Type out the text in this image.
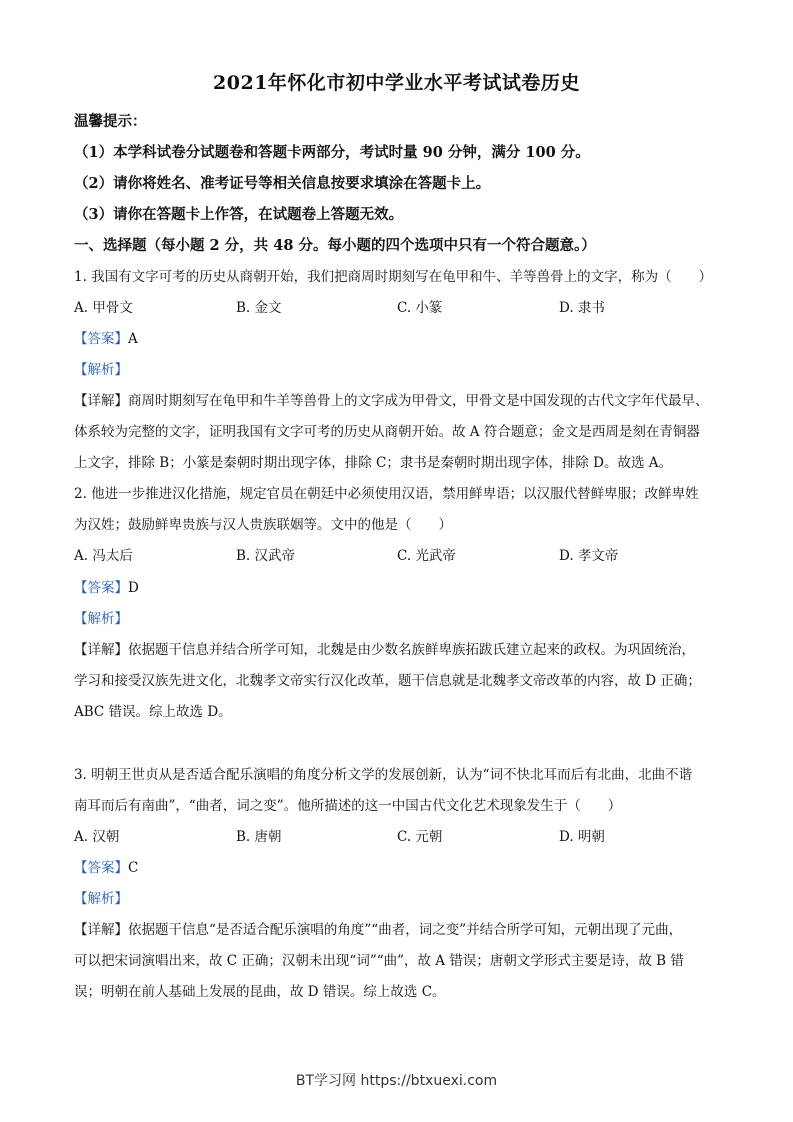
2021年怀化市初中学业水平考试试卷历史
温馨提示：
（1）本学科试卷分试题卷和答题卡两部分，考试时量 90 分钟，满分 100 分。
（2）请你将姓名、准考证号等相关信息按要求填涂在答题卡上。
（3）请你在答题卡上作答，在试题卷上答题无效。
一、选择题（每小题 2 分，共 48 分。每小题的四个选项中只有一个符合题意。）
1. 我国有文字可考的历史从商朝开始，我们把商周时期刻写在龟甲和牛、羊等兽骨上的文字，称为（　　）
A. 甲骨文	B. 金文	C. 小篆	D. 隶书
【答案】A
【解析】
【详解】商周时期刻写在龟甲和牛羊等兽骨上的文字成为甲骨文，甲骨文是中国发现的古代文字年代最早、
体系较为完整的文字，证明我国有文字可考的历史从商朝开始。故 A 符合题意；金文是西周是刻在青铜器
上文字，排除 B；小篆是秦朝时期出现字体，排除 C；隶书是秦朝时期出现字体，排除 D。故选 A。
2. 他进一步推进汉化措施，规定官员在朝廷中必须使用汉语，禁用鲜卑语；以汉服代替鲜卑服；改鲜卑姓
为汉姓；鼓励鲜卑贵族与汉人贵族联姻等。文中的他是（　　）
A. 冯太后	B. 汉武帝	C. 光武帝	D. 孝文帝
【答案】D
【解析】
【详解】依据题干信息并结合所学可知，北魏是由少数名族鲜卑族拓跋氏建立起来的政权。为巩固统治，
学习和接受汉族先进文化，北魏孝文帝实行汉化改革，题干信息就是北魏孝文帝改革的内容，故 D 正确；
ABC 错误。综上故选 D。
3. 明朝王世贞从是否适合配乐演唱的角度分析文学的发展创新，认为“词不快北耳而后有北曲，北曲不谐
南耳而后有南曲”，“曲者，词之变”。他所描述的这一中国古代文化艺术现象发生于（　　）
A. 汉朝	B. 唐朝	C. 元朝	D. 明朝
【答案】C
【解析】
【详解】依据题干信息“是否适合配乐演唱的角度”“曲者，词之变”并结合所学可知，元朝出现了元曲，
可以把宋词演唱出来，故 C 正确；汉朝未出现“词”“曲”，故 A 错误；唐朝文学形式主要是诗，故 B 错
误；明朝在前人基础上发展的昆曲，故 D 错误。综上故选 C。
BT学习网 https://btxuexi.com
